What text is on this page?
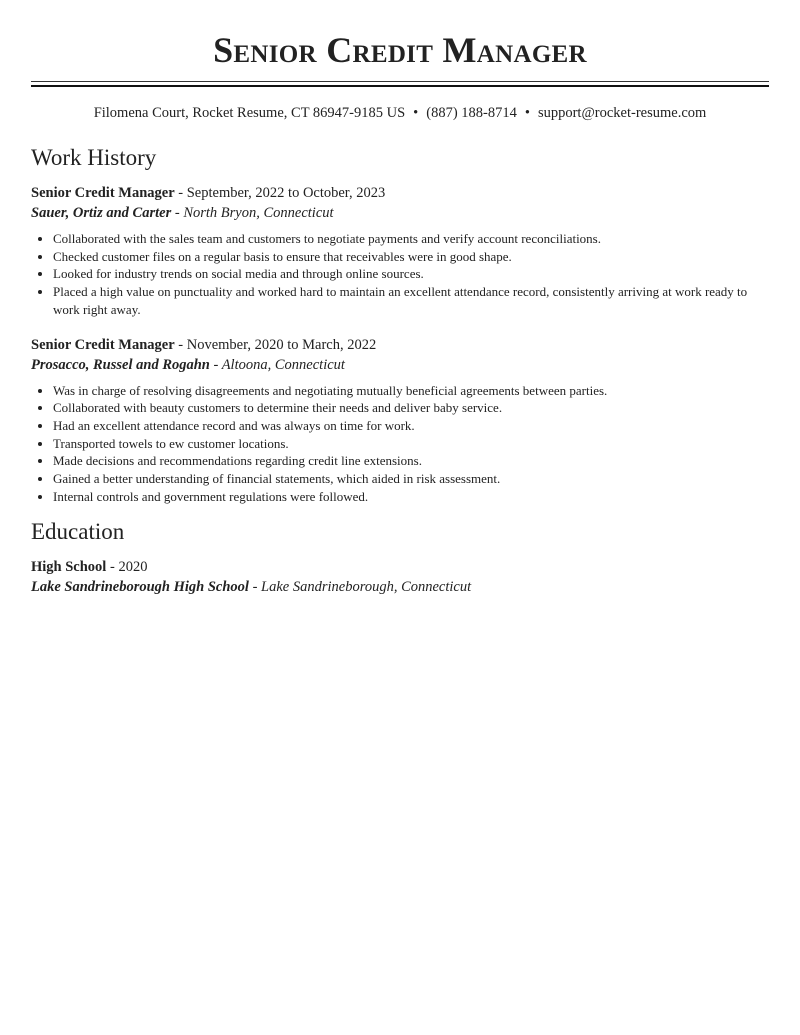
Senior Credit Manager
Filomena Court, Rocket Resume, CT 86947-9185 US • (887) 188-8714 • support@rocket-resume.com
Work History
Senior Credit Manager - September, 2022 to October, 2023
Sauer, Ortiz and Carter - North Bryon, Connecticut
• Collaborated with the sales team and customers to negotiate payments and verify account reconciliations.
• Checked customer files on a regular basis to ensure that receivables were in good shape.
• Looked for industry trends on social media and through online sources.
• Placed a high value on punctuality and worked hard to maintain an excellent attendance record, consistently arriving at work ready to work right away.
Senior Credit Manager - November, 2020 to March, 2022
Prosacco, Russel and Rogahn - Altoona, Connecticut
• Was in charge of resolving disagreements and negotiating mutually beneficial agreements between parties.
• Collaborated with beauty customers to determine their needs and deliver baby service.
• Had an excellent attendance record and was always on time for work.
• Transported towels to ew customer locations.
• Made decisions and recommendations regarding credit line extensions.
• Gained a better understanding of financial statements, which aided in risk assessment.
• Internal controls and government regulations were followed.
Education
High School - 2020
Lake Sandrineborough High School - Lake Sandrineborough, Connecticut
